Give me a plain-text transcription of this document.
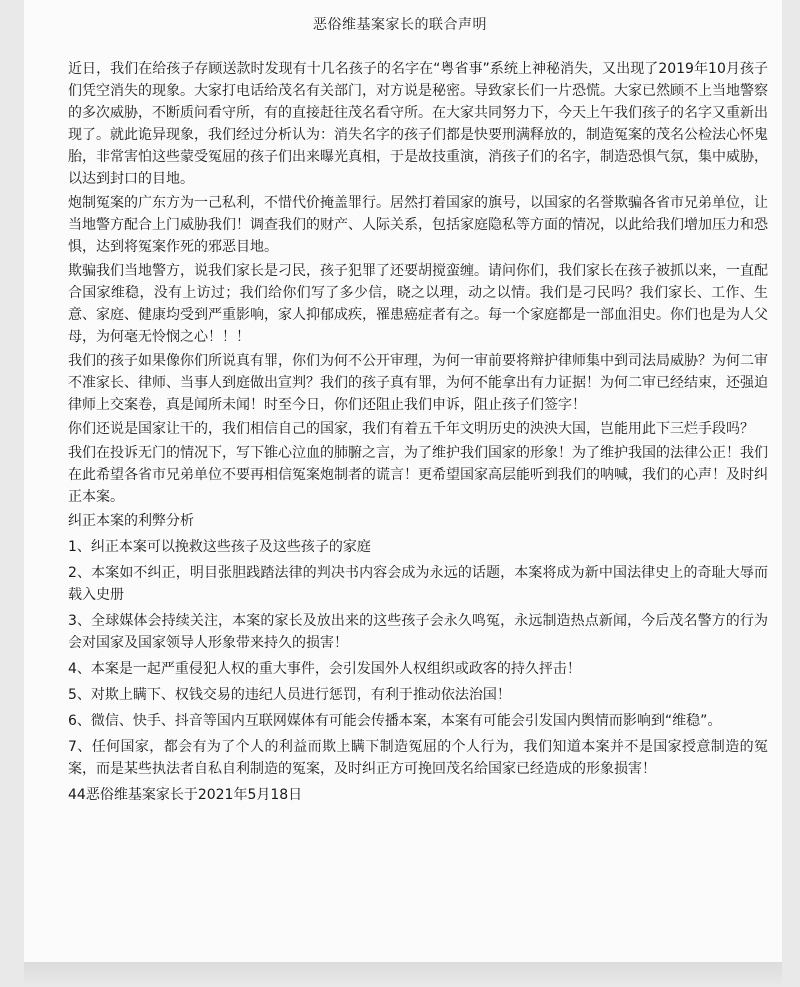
恶俗维基案家长的联合声明

近日，我们在给孩子存顾送款时发现有十几名孩子的名字在“粤省事”系统上神秘消失，又出现了2019年10月孩子们凭空消失的现象。大家打电话给茂名有关部门，对方说是秘密。导致家长们一片恐慌。大家已然顾不上当地警察的多次威胁，不断质问看守所，有的直接赶往茂名看守所。在大家共同努力下，今天上午我们孩子的名字又重新出现了。就此诡异现象，我们经过分析认为：消失名字的孩子们都是快要刑满释放的，制造冤案的茂名公检法心怀鬼胎，非常害怕这些蒙受冤屈的孩子们出来曝光真相，于是故技重演，消孩子们的名字，制造恐惧气氛，集中威胁，以达到封口的目地。

炮制冤案的广东方为一己私利，不惜代价掩盖罪行。居然打着国家的旗号，以国家的名誉欺骗各省市兄弟单位，让当地警方配合上门威胁我们！调查我们的财产、人际关系，包括家庭隐私等方面的情况，以此给我们增加压力和恐惧，达到将冤案作死的邪恶目地。

欺骗我们当地警方，说我们家长是刁民，孩子犯罪了还要胡搅蛮缠。请问你们，我们家长在孩子被抓以来，一直配合国家维稳，没有上访过；我们给你们写了多少信，晓之以理，动之以情。我们是刁民吗？我们家长、工作、生意、家庭、健康均受到严重影响，家人抑郁成疾，罹患癌症者有之。每一个家庭都是一部血泪史。你们也是为人父母，为何毫无怜悯之心！！！

我们的孩子如果像你们所说真有罪，你们为何不公开审理，为何一审前要将辩护律师集中到司法局威胁？为何二审不准家长、律师、当事人到庭做出宣判？我们的孩子真有罪，为何不能拿出有力证据！为何二审已经结束，还强迫律师上交案卷，真是闻所未闻！时至今日，你们还阻止我们申诉，阻止孩子们签字！

你们还说是国家让干的，我们相信自己的国家，我们有着五千年文明历史的泱泱大国，岂能用此下三烂手段吗？

我们在投诉无门的情况下，写下锥心泣血的肺腑之言，为了维护我们国家的形象！为了维护我国的法律公正！我们在此希望各省市兄弟单位不要再相信冤案炮制者的谎言！更希望国家高层能听到我们的呐喊，我们的心声！及时纠正本案。

纠正本案的利弊分析
1、纠正本案可以挽救这些孩子及这些孩子的家庭
2、本案如不纠正，明目张胆践踏法律的判决书内容会成为永远的话题，本案将成为新中国法律史上的奇耻大辱而载入史册
3、全球媒体会持续关注，本案的家长及放出来的这些孩子会永久鸣冤，永远制造热点新闻，今后茂名警方的行为会对国家及国家领导人形象带来持久的损害！
4、本案是一起严重侵犯人权的重大事件，会引发国外人权组织或政客的持久抨击！
5、对欺上瞒下、权钱交易的违纪人员进行惩罚，有利于推动依法治国！
6、微信、快手、抖音等国内互联网媒体有可能会传播本案，本案有可能会引发国内舆情而影响到“维稳”。
7、任何国家，都会有为了个人的利益而欺上瞒下制造冤屈的个人行为，我们知道本案并不是国家授意制造的冤案，而是某些执法者自私自利制造的冤案，及时纠正方可挽回茂名给国家已经造成的形象损害！
44恶俗维基案家长于2021年5月18日
